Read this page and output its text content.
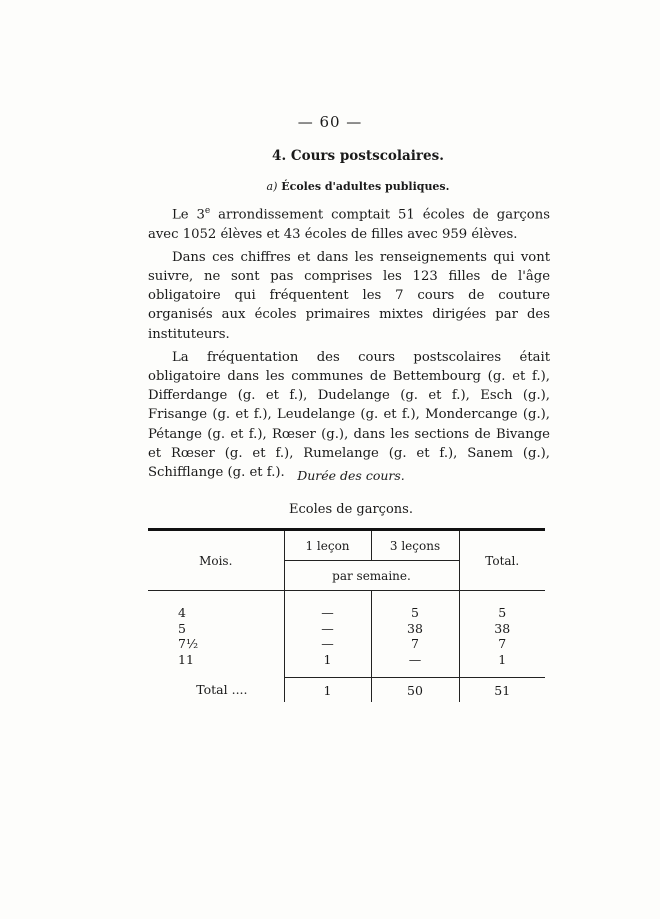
— 60 —
4. Cours postscolaires.
a) Écoles d'adultes publiques.

Le 3e arrondissement comptait 51 écoles de garçons avec 1052 élèves et 43 écoles de filles avec 959 élèves.

Dans ces chiffres et dans les renseignements qui vont suivre, ne sont pas comprises les 123 filles de l'âge obligatoire qui fréquentent les 7 cours de couture organisés aux écoles primaires mixtes dirigées par des instituteurs.

La fréquentation des cours postscolaires était obligatoire dans les communes de Bettembourg (g. et f.), Differdange (g. et f.), Dudelange (g. et f.), Esch (g.), Frisange (g. et f.), Leudelange (g. et f.), Mondercange (g.), Pétange (g. et f.), Rœser (g.), dans les sections de Bivange et Rœser (g. et f.), Rumelange (g. et f.), Sanem (g.), Schifflange (g. et f.).	Durée des cours.
Ecoles de garçons.

Mois.	1 leçon	3 leçons	Total.
	par semaine.		
4	—	5	5
5	—	38	38
7½	—	7	7
11	1	—	1
Total ....	1	50	51
